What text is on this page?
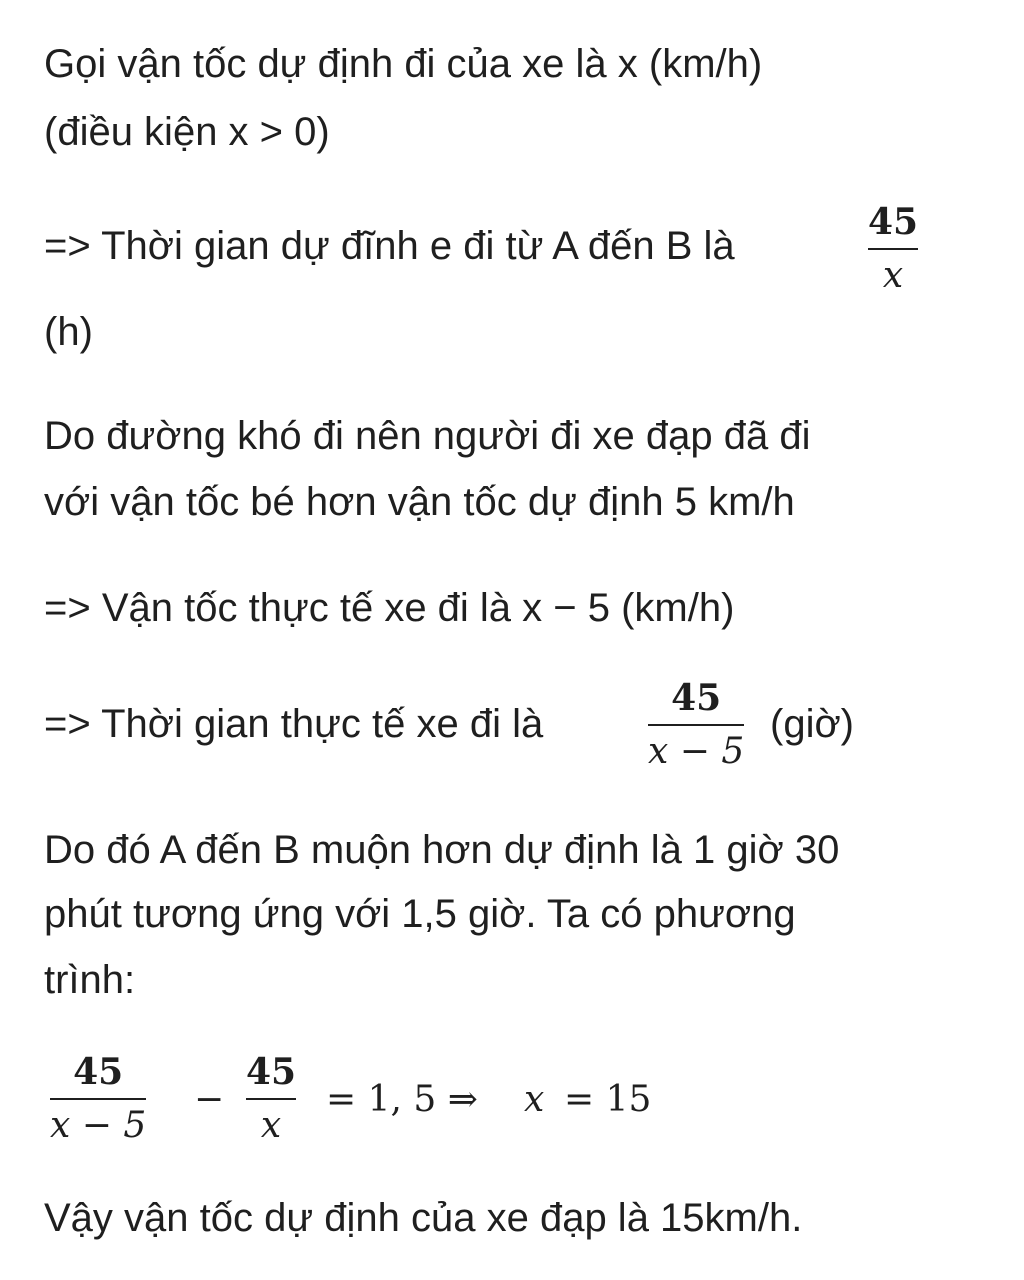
Gọi vận tốc dự định đi của xe là x (km/h)
(điều kiện x > 0)
=> Thời gian dự đĩnh e đi từ A đến B là
45
x
(h)
Do đường khó đi nên người đi xe đạp đã đi
với vận tốc bé hơn vận tốc dự định 5 km/h
=> Vận tốc thực tế xe đi là x − 5 (km/h)
=> Thời gian thực tế xe đi là
45
x − 5
(giờ)
Do đó A đến B muộn hơn dự định là 1 giờ 30
phút tương ứng với 1,5 giờ. Ta có phương
trình:
45
x − 5
−
45
x
= 1, 5 ⇒ x = 15
Vậy vận tốc dự định của xe đạp là 15km/h.
